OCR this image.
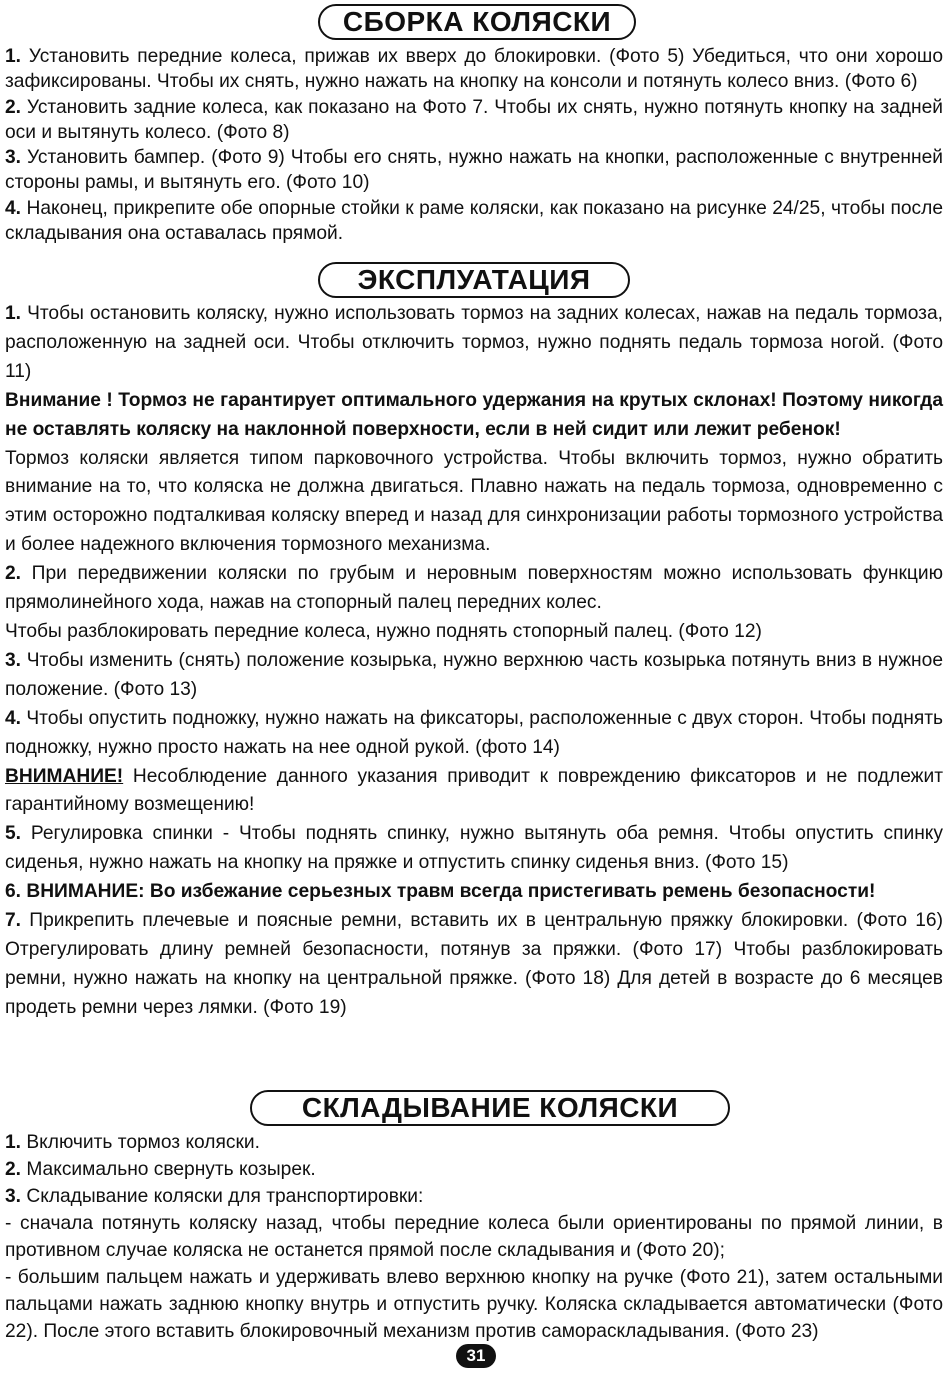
СБОРКА КОЛЯСКИ

1. Установить передние колеса, прижав их вверх до блокировки. (Фото 5) Убедиться, что они хорошо зафиксированы. Чтобы их снять, нужно нажать на кнопку на консоли и потянуть колесо вниз. (Фото 6)

2. Установить задние колеса, как показано на Фото 7. Чтобы их снять, нужно потянуть кнопку на задней оси и вытянуть колесо. (Фото 8)

3. Установить бампер. (Фото 9) Чтобы его снять, нужно нажать на кнопки, расположенные с внутренней стороны рамы, и вытянуть его. (Фото 10)

4. Наконец, прикрепите обе опорные стойки к раме коляски, как показано на рисунке 24/25, чтобы после складывания она оставалась прямой.

ЭКСПЛУАТАЦИЯ

1. Чтобы остановить коляску, нужно использовать тормоз на задних колесах, нажав на педаль тормоза, расположенную на задней оси. Чтобы отключить тормоз, нужно поднять педаль тормоза ногой. (Фото 11)

Внимание ! Тормоз не гарантирует оптимального удержания на крутых склонах! Поэтому никогда не оставлять коляску на наклонной поверхности, если в ней сидит или лежит ребенок!

Тормоз коляски является типом парковочного устройства. Чтобы включить тормоз, нужно обратить внимание на то, что коляска не должна двигаться. Плавно нажать на педаль тормоза, одновременно с этим осторожно подталкивая коляску вперед и назад для синхронизации работы тормозного устройства и более надежного включения тормозного механизма.

2. При передвижении коляски по грубым и неровным поверхностям можно использовать функцию прямолинейного хода, нажав на стопорный палец передних колес.

Чтобы разблокировать передние колеса, нужно поднять стопорный палец. (Фото 12)

3. Чтобы изменить (снять) положение козырька, нужно верхнюю часть козырька потянуть вниз в нужное положение. (Фото 13)

4. Чтобы опустить подножку, нужно нажать на фиксаторы, расположенные с двух сторон. Чтобы поднять подножку, нужно просто нажать на нее одной рукой. (фото 14)

ВНИМАНИЕ! Несоблюдение данного указания приводит к повреждению фиксаторов и не подлежит гарантийному возмещению!

5. Регулировка спинки - Чтобы поднять спинку, нужно вытянуть оба ремня. Чтобы опустить спинку сиденья, нужно нажать на кнопку на пряжке и отпустить спинку сиденья вниз. (Фото 15)

6. ВНИМАНИЕ: Во избежание серьезных травм всегда пристегивать ремень безопасности!

7. Прикрепить плечевые и поясные ремни, вставить их в центральную пряжку блокировки. (Фото 16) Отрегулировать длину ремней безопасности, потянув за пряжки. (Фото 17) Чтобы разблокировать ремни, нужно нажать на кнопку на центральной пряжке. (Фото 18) Для детей в возрасте до 6 месяцев продеть ремни через лямки. (Фото 19)

СКЛАДЫВАНИЕ КОЛЯСКИ

1. Включить тормоз коляски.

2. Максимально свернуть козырек.

3. Складывание коляски для транспортировки:

- сначала потянуть коляску назад, чтобы передние колеса были ориентированы по прямой линии, в противном случае коляска не останется прямой после складывания и (Фото 20);

- большим пальцем нажать и удерживать влево верхнюю кнопку на ручке (Фото 21), затем остальными пальцами нажать заднюю кнопку внутрь и отпустить ручку. Коляска складывается автоматически (Фото 22). После этого вставить блокировочный механизм против самораскладывания. (Фото 23)

31
